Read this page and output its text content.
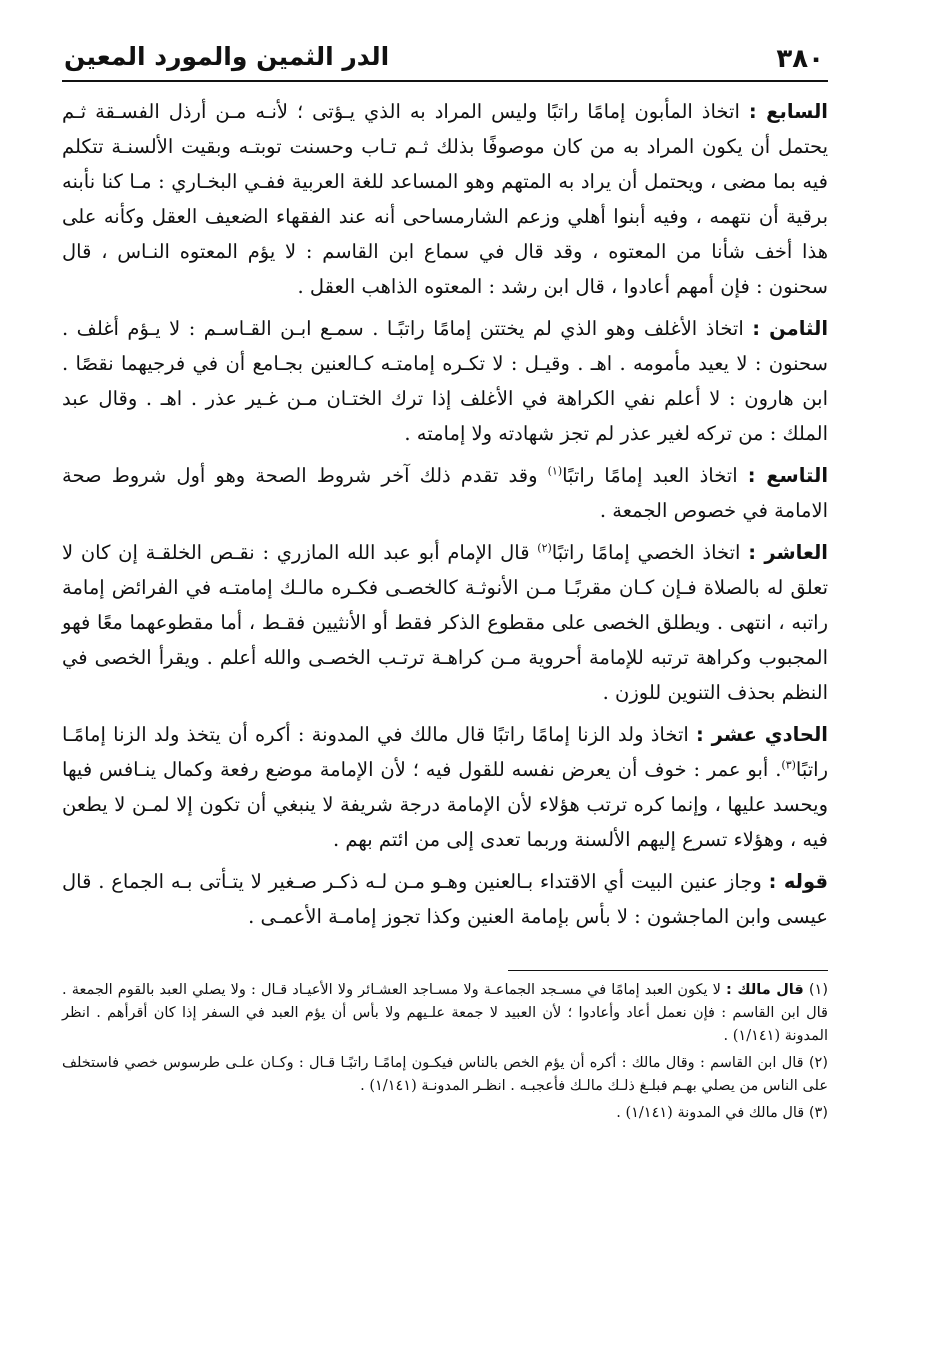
٣٨٠
الدر الثمين والمورد المعين

السابع : اتخاذ المأبون إمامًا راتبًا وليس المراد به الذي يـؤتى ؛ لأنـه مـن أرذل الفسـقة ثـم يحتمل أن يكون المراد به من كان موصوفًا بذلك ثـم تـاب وحسنت توبتـه وبقيت الألسنـة تتكلم فيه بما مضى ، ويحتمل أن يراد به المتهم وهو المساعد للغة العربية ففـي البخـاري : مـا كنا نأبنه برقية أن نتهمه ، وفيه أبنوا أهلي وزعم الشارمساحى أنه عند الفقهاء الضعيف العقل وكأنه على هذا أخف شأنا من المعتوه ، وقد قال في سماع ابن القاسم : لا يؤم المعتوه النـاس ، قال سحنون : فإن أمهم أعادوا ، قال ابن رشد : المعتوه الذاهب العقل .

الثامن : اتخاذ الأغلف وهو الذي لم يختتن إمامًا راتبًـا . سمـع ابـن القـاسـم : لا يـؤم أغلف . سحنون : لا يعيد مأمومه . اهـ . وقيـل : لا تكـره إمامتـه كـالعنين بجـامع أن في فرجيهما نقصًا . ابن هارون : لا أعلم نفي الكراهة في الأغلف إذا ترك الختـان مـن غـير عذر . اهـ . وقال عبد الملك : من تركه لغير عذر لم تجز شهادته ولا إمامته .

التاسع : اتخاذ العبد إمامًا راتبًا$^{(١)}$ وقد تقدم ذلك آخر شروط الصحة وهو أول شروط صحة الامامة في خصوص الجمعة .

العاشر : اتخاذ الخصي إمامًا راتبًا$^{(٢)}$ قال الإمام أبو عبد الله المازري : نقـص الخلقـة إن كان لا تعلق له بالصلاة فـإن كـان مقربًـا مـن الأنوثـة كالخصـى فكـره مالـك إمامتـه في الفرائض إمامة راتبه ، انتهى . ويطلق الخصى على مقطوع الذكر فقط أو الأنثيين فقـط ، أما مقطوعهما معًا فهو المجبوب وكراهة ترتبه للإمامة أحروية مـن كراهـة ترتـب الخصـى والله أعلم . ويقرأ الخصى في النظم بحذف التنوين للوزن .

الحادي عشر : اتخاذ ولد الزنا إمامًا راتبًا قال مالك في المدونة : أكره أن يتخذ ولد الزنا إمامًـا راتبًا$^{(٣)}$. أبو عمر : خوف أن يعرض نفسه للقول فيه ؛ لأن الإمامة موضع رفعة وكمال ينـافس فيها ويحسد عليها ، وإنما كره ترتب هؤلاء لأن الإمامة درجة شريفة لا ينبغي أن تكون إلا لمـن لا يطعن فيه ، وهؤلاء تسرع إليهم الألسنة وربما تعدى إلى من ائتم بهم .

قوله : وجاز عنين البيت أي الاقتداء بـالعنين وهـو مـن لـه ذكـر صـغير لا يتـأتى بـه الجماع . قال عيسى وابن الماجشون : لا بأس بإمامة العنين وكذا تجوز إمامـة الأعمـى .

(١) قال مالك : لا يكون العبد إمامًا في مسـجد الجماعـة ولا مسـاجد العشـائر ولا الأعيـاد قـال : ولا يصلي العبد بالقوم الجمعة . قال ابن القاسم : فإن نعمل أعاد وأعادوا ؛ لأن العبيد لا جمعة علـيهم ولا بأس أن يؤم العبد في السفر إذا كان أقرأهم . انظر المدونة (١/١٤١) .

(٢) قال ابن القاسم : وقال مالك : أكره أن يؤم الخص بالناس فيكـون إمامًـا راتبًـا قـال : وكـان علـى طرسوس خصي فاستخلف على الناس من يصلي بهـم فبلـغ ذلـك مالـك فأعجبـه . انظـر المدونـة (١/١٤١) .

(٣) قال مالك في المدونة (١/١٤١) .
